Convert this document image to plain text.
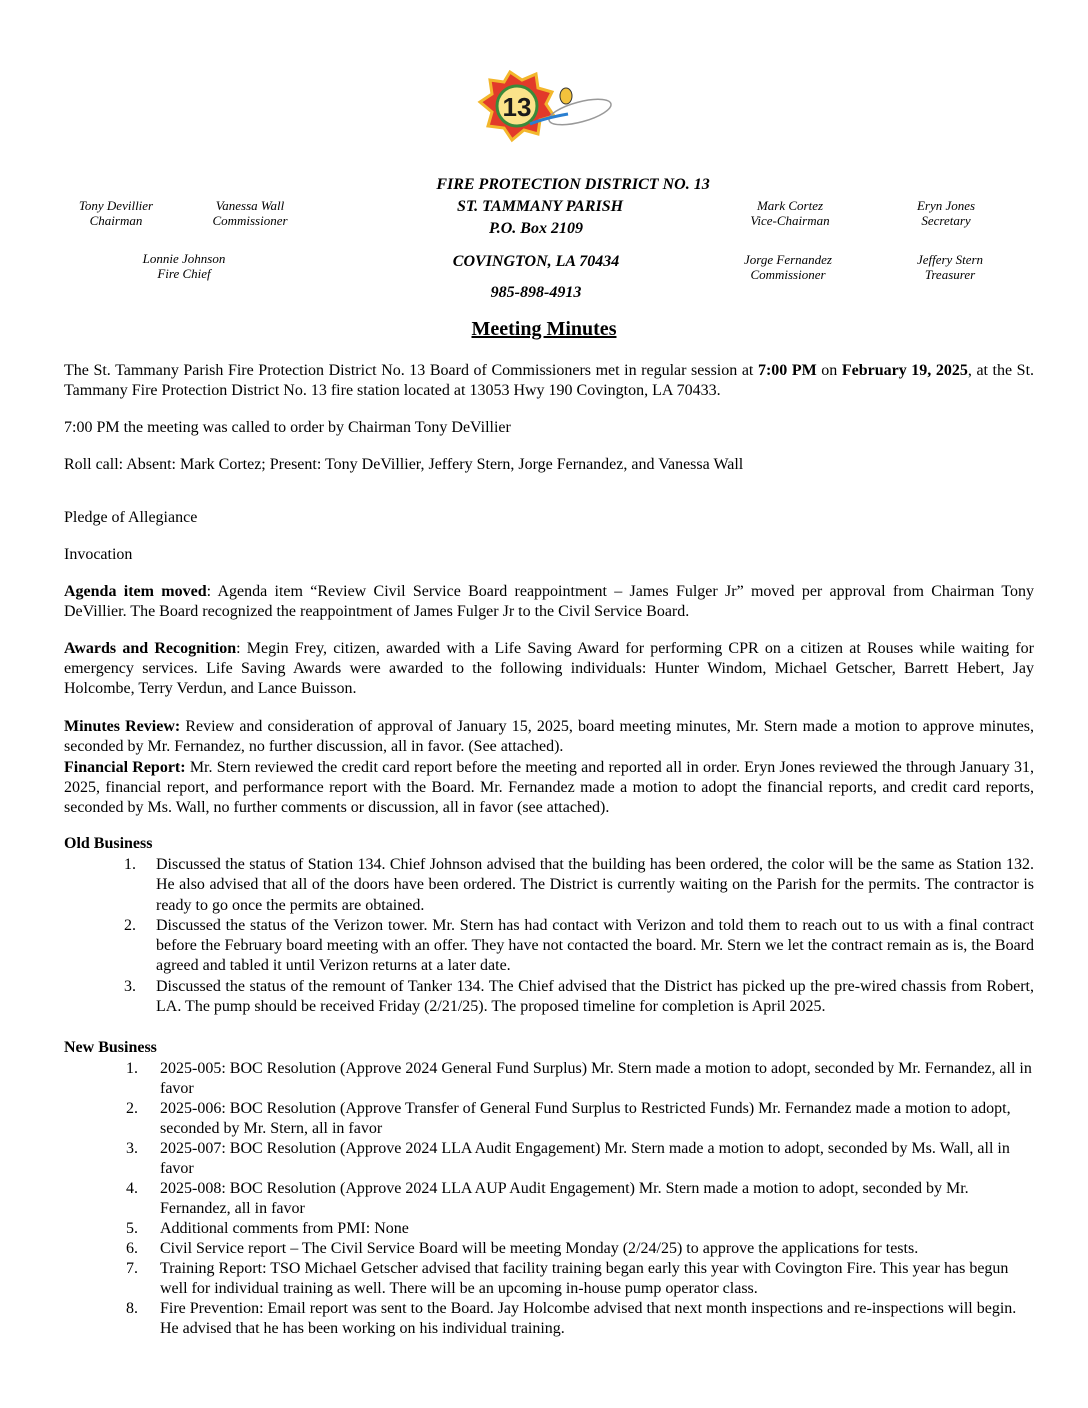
13
FIRE PROTECTION DISTRICT NO. 13
ST. TAMMANY PARISH
P.O. Box 2109
COVINGTON, LA 70434
985-898-4913
Tony Devillier
Chairman
Vanessa Wall
Commissioner
Lonnie Johnson
Fire Chief
Mark Cortez
Vice-Chairman
Eryn Jones
Secretary
Jorge Fernandez
Commissioner
Jeffery Stern
Treasurer
Meeting Minutes
The St. Tammany Parish Fire Protection District No. 13 Board of Commissioners met in regular session at 7:00 PM on February 19, 2025, at the St. Tammany Fire Protection District No. 13 fire station located at 13053 Hwy 190 Covington, LA 70433.
7:00 PM the meeting was called to order by Chairman Tony DeVillier
Roll call: Absent: Mark Cortez; Present: Tony DeVillier, Jeffery Stern, Jorge Fernandez, and Vanessa Wall
Pledge of Allegiance
Invocation
Agenda item moved: Agenda item “Review Civil Service Board reappointment – James Fulger Jr” moved per approval from Chairman Tony DeVillier. The Board recognized the reappointment of James Fulger Jr to the Civil Service Board.
Awards and Recognition: Megin Frey, citizen, awarded with a Life Saving Award for performing CPR on a citizen at Rouses while waiting for emergency services. Life Saving Awards were awarded to the following individuals: Hunter Windom, Michael Getscher, Barrett Hebert, Jay Holcombe, Terry Verdun, and Lance Buisson.
Minutes Review: Review and consideration of approval of January 15, 2025, board meeting minutes, Mr. Stern made a motion to approve minutes, seconded by Mr. Fernandez, no further discussion, all in favor. (See attached).
Financial Report: Mr. Stern reviewed the credit card report before the meeting and reported all in order. Eryn Jones reviewed the through January 31, 2025, financial report, and performance report with the Board. Mr. Fernandez made a motion to adopt the financial reports, and credit card reports, seconded by Ms. Wall, no further comments or discussion, all in favor (see attached).
Old Business
1. Discussed the status of Station 134. Chief Johnson advised that the building has been ordered, the color will be the same as Station 132. He also advised that all of the doors have been ordered. The District is currently waiting on the Parish for the permits. The contractor is ready to go once the permits are obtained.
2. Discussed the status of the Verizon tower. Mr. Stern has had contact with Verizon and told them to reach out to us with a final contract before the February board meeting with an offer. They have not contacted the board. Mr. Stern we let the contract remain as is, the Board agreed and tabled it until Verizon returns at a later date.
3. Discussed the status of the remount of Tanker 134. The Chief advised that the District has picked up the pre-wired chassis from Robert, LA. The pump should be received Friday (2/21/25). The proposed timeline for completion is April 2025.
New Business
1. 2025-005: BOC Resolution (Approve 2024 General Fund Surplus) Mr. Stern made a motion to adopt, seconded by Mr. Fernandez, all in favor
2. 2025-006: BOC Resolution (Approve Transfer of General Fund Surplus to Restricted Funds) Mr. Fernandez made a motion to adopt, seconded by Mr. Stern, all in favor
3. 2025-007: BOC Resolution (Approve 2024 LLA Audit Engagement) Mr. Stern made a motion to adopt, seconded by Ms. Wall, all in favor
4. 2025-008: BOC Resolution (Approve 2024 LLA AUP Audit Engagement) Mr. Stern made a motion to adopt, seconded by Mr. Fernandez, all in favor
5. Additional comments from PMI: None
6. Civil Service report – The Civil Service Board will be meeting Monday (2/24/25) to approve the applications for tests.
7. Training Report: TSO Michael Getscher advised that facility training began early this year with Covington Fire. This year has begun well for individual training as well. There will be an upcoming in-house pump operator class.
8. Fire Prevention: Email report was sent to the Board. Jay Holcombe advised that next month inspections and re-inspections will begin. He advised that he has been working on his individual training.
